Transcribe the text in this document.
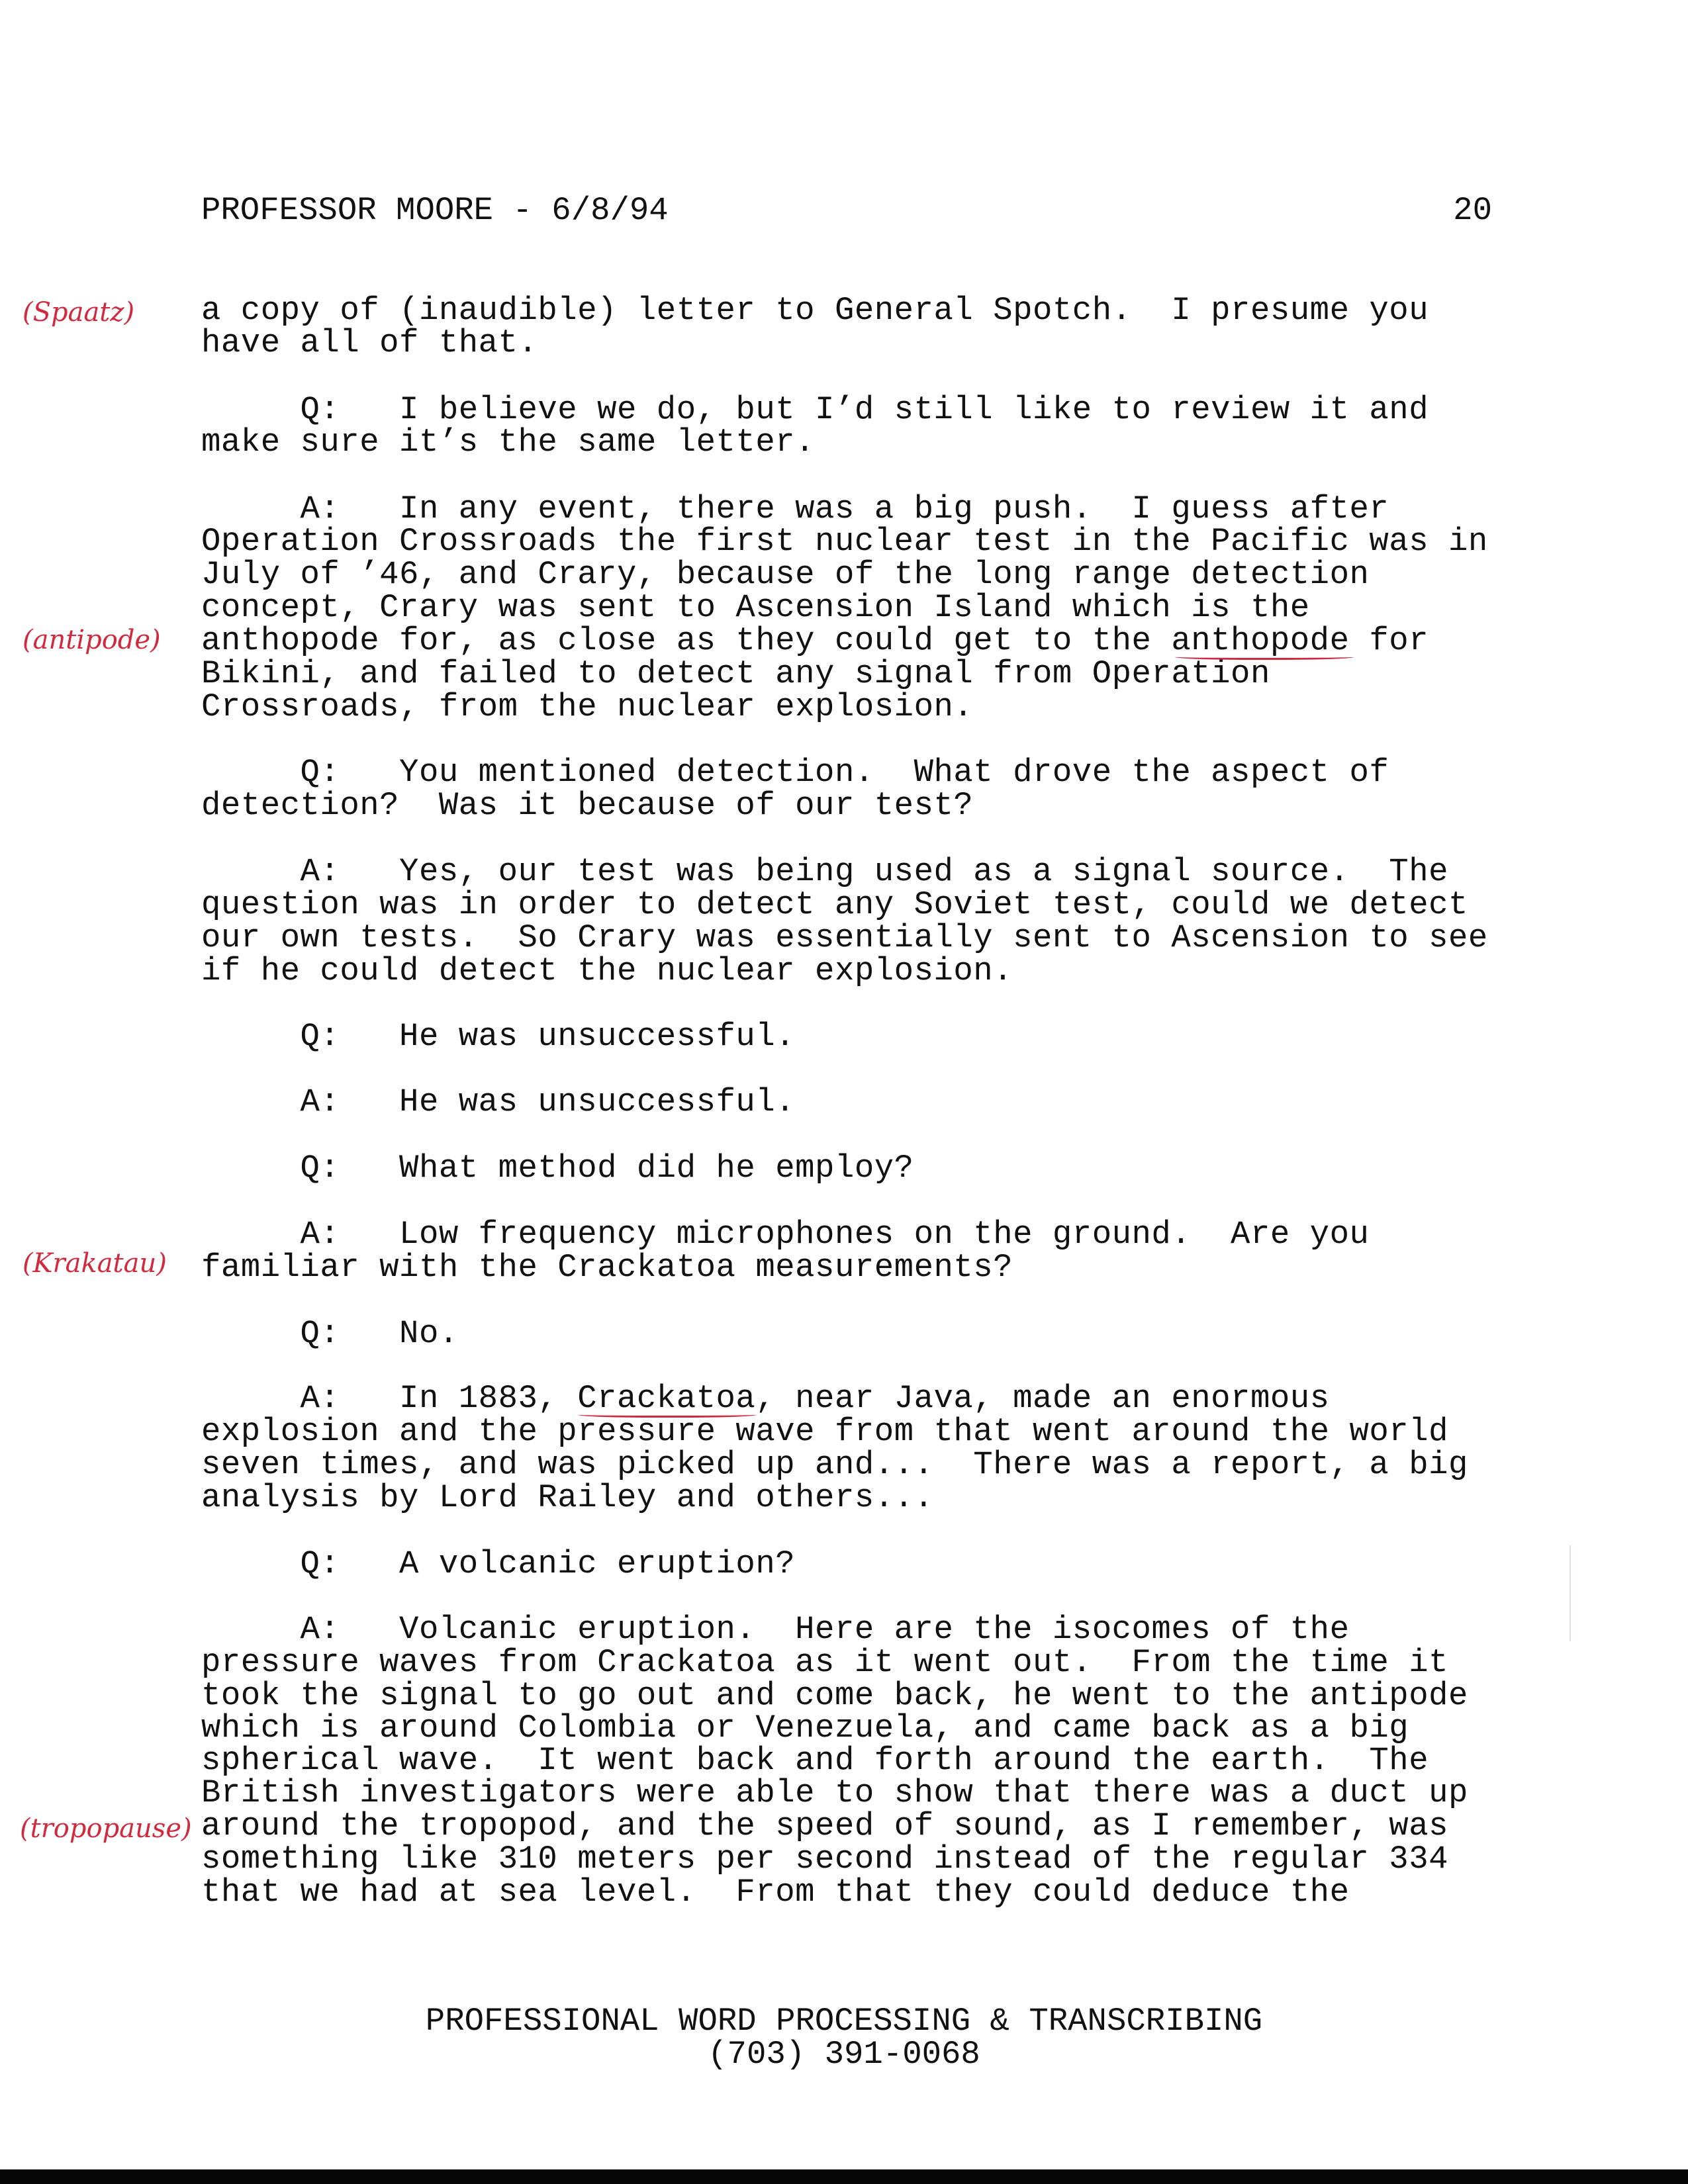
PROFESSOR MOORE - 6/8/94	20
a copy of (inaudible) letter to General Spotch.  I presume you
have all of that.
Q:   I believe we do, but I’d still like to review it and
make sure it’s the same letter.
A:   In any event, there was a big push.  I guess after
Operation Crossroads the first nuclear test in the Pacific was in
July of ’46, and Crary, because of the long range detection
concept, Crary was sent to Ascension Island which is the
anthopode for, as close as they could get to the anthopode for
Bikini, and failed to detect any signal from Operation
Crossroads, from the nuclear explosion.
Q:   You mentioned detection.  What drove the aspect of
detection?  Was it because of our test?
A:   Yes, our test was being used as a signal source.  The
question was in order to detect any Soviet test, could we detect
our own tests.  So Crary was essentially sent to Ascension to see
if he could detect the nuclear explosion.
Q:   He was unsuccessful.
A:   He was unsuccessful.
Q:   What method did he employ?
A:   Low frequency microphones on the ground.  Are you
familiar with the Crackatoa measurements?
Q:   No.
A:   In 1883, Crackatoa, near Java, made an enormous
explosion and the pressure wave from that went around the world
seven times, and was picked up and...  There was a report, a big
analysis by Lord Railey and others...
Q:   A volcanic eruption?
A:   Volcanic eruption.  Here are the isocomes of the
pressure waves from Crackatoa as it went out.  From the time it
took the signal to go out and come back, he went to the antipode
which is around Colombia or Venezuela, and came back as a big
spherical wave.  It went back and forth around the earth.  The
British investigators were able to show that there was a duct up
around the tropopod, and the speed of sound, as I remember, was
something like 310 meters per second instead of the regular 334
that we had at sea level.  From that they could deduce the
(Spaatz)
(antipode)
(Krakatau)
(tropopause)
PROFESSIONAL WORD PROCESSING & TRANSCRIBING
(703) 391-0068
